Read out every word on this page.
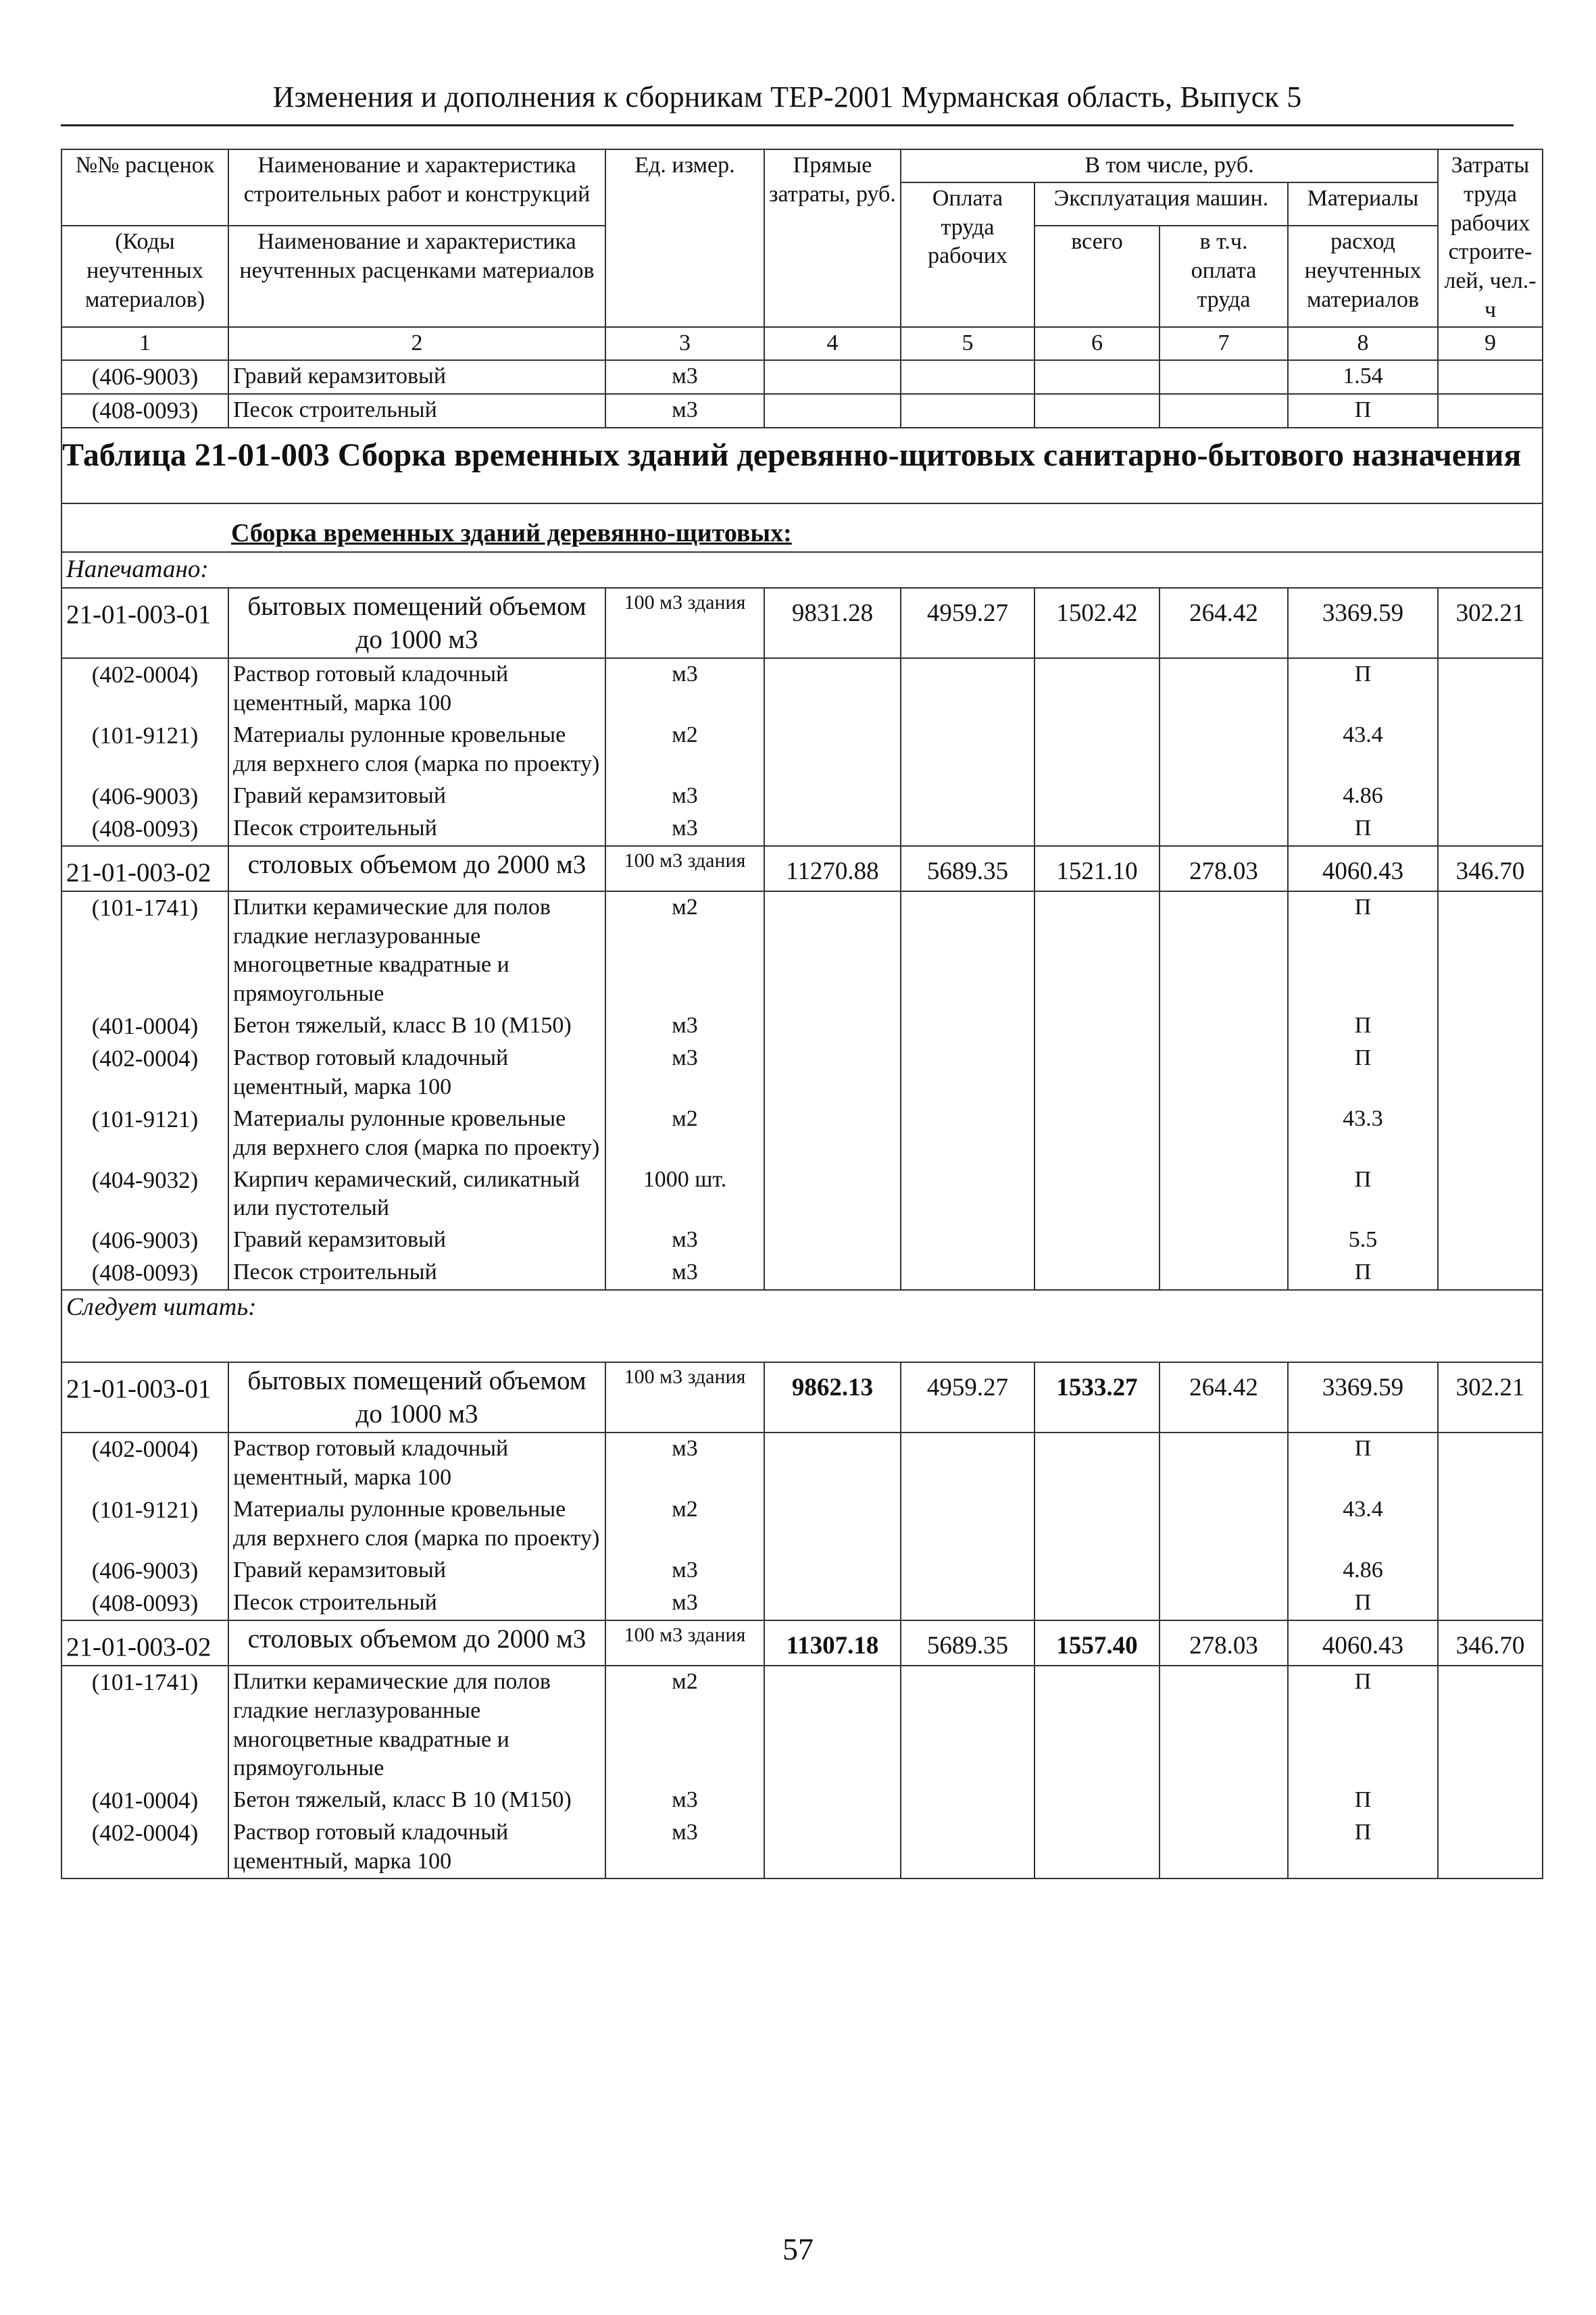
Изменения и дополнения к сборникам ТЕР-2001 Мурманская область, Выпуск 5
№№ расценок	Наименование и характеристика строительных работ и конструкций	Ед. измер.	Прямые затраты, руб.	В том числе, руб.				Затраты труда рабочих строите-лей, чел.-ч
				Оплата труда рабочих	Эксплуатация машин.		Материалы	

(Коды неучтенных материалов)	Наименование и характеристика неучтенных расценками материалов				всего	в т.ч. оплата труда	расход неучтенных материалов	

1	2	3	4	5	6	7	8	9
(406-9003)	Гравий керамзитовый	м3					1.54	
(408-0093)	Песок строительный	м3					П	
Таблица 21-01-003 Сборка временных зданий деревянно-щитовых санитарно-бытового назначения								
Сборка временных зданий деревянно-щитовых:								
Напечатано:								
21-01-003-01	бытовых помещений объемом до 1000 м3	100 м3 здания	9831.28	4959.27	1502.42	264.42	3369.59	302.21
(402-0004)	Раствор готовый кладочный цементный, марка 100	м3					П	
(101-9121)	Материалы рулонные кровельные для верхнего слоя (марка по проекту)	м2					43.4	
(406-9003)	Гравий керамзитовый	м3					4.86	
(408-0093)	Песок строительный	м3					П	
21-01-003-02	столовых объемом до 2000 м3	100 м3 здания	11270.88	5689.35	1521.10	278.03	4060.43	346.70
(101-1741)	Плитки керамические для полов гладкие неглазурованные многоцветные квадратные и прямоугольные	м2					П	
(401-0004)	Бетон тяжелый, класс В 10 (М150)	м3					П	
(402-0004)	Раствор готовый кладочный цементный, марка 100	м3					П	
(101-9121)	Материалы рулонные кровельные для верхнего слоя (марка по проекту)	м2					43.3	
(404-9032)	Кирпич керамический, силикатный или пустотелый	1000 шт.					П	
(406-9003)	Гравий керамзитовый	м3					5.5	
(408-0093)	Песок строительный	м3					П	
Следует читать:								
21-01-003-01	бытовых помещений объемом до 1000 м3	100 м3 здания	9862.13	4959.27	1533.27	264.42	3369.59	302.21
(402-0004)	Раствор готовый кладочный цементный, марка 100	м3					П	
(101-9121)	Материалы рулонные кровельные для верхнего слоя (марка по проекту)	м2					43.4	
(406-9003)	Гравий керамзитовый	м3					4.86	
(408-0093)	Песок строительный	м3					П	
21-01-003-02	столовых объемом до 2000 м3	100 м3 здания	11307.18	5689.35	1557.40	278.03	4060.43	346.70
(101-1741)	Плитки керамические для полов гладкие неглазурованные многоцветные квадратные и прямоугольные	м2					П	
(401-0004)	Бетон тяжелый, класс В 10 (М150)	м3					П	
(402-0004)	Раствор готовый кладочный цементный, марка 100	м3					П	
57
